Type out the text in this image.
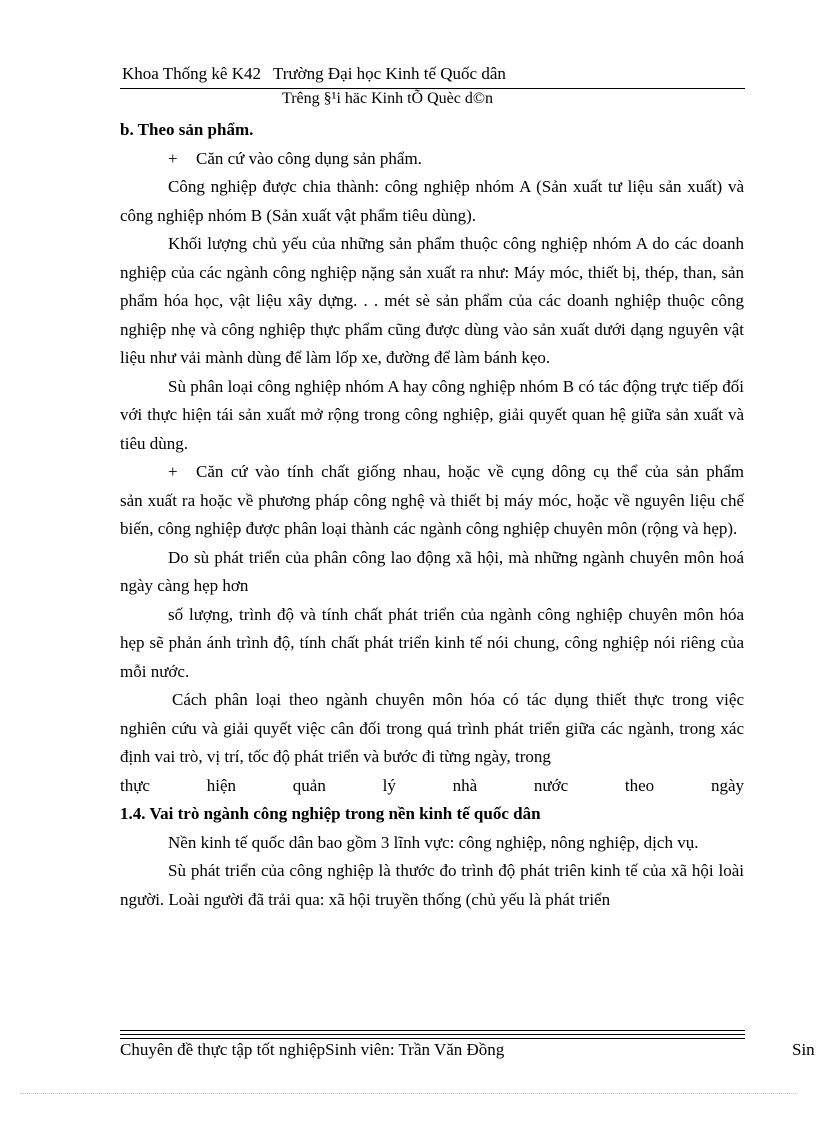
Khoa Thống kê K42 Trường Đại học Kinh tế Quốc dân
Trêng §¹i häc Kinh tÕ Quèc d©n

b. Theo sản phẩm.

+ Căn cứ vào công dụng sản phẩm.

Công nghiệp được chia thành: công nghiệp nhóm A (Sản xuất tư liệu sản xuất) và công nghiệp nhóm B (Sản xuất vật phẩm tiêu dùng).

Khối lượng chủ yếu của những sản phẩm thuộc công nghiệp nhóm A do các doanh nghiệp của các ngành công nghiệp nặng sản xuất ra như: Máy móc, thiết bị, thép, than, sản phẩm hóa học, vật liệu xây dựng. . . mét sè sản phẩm của các doanh nghiệp thuộc công nghiệp nhẹ và công nghiệp thực phẩm cũng được dùng vào sản xuất dưới dạng nguyên vật liệu như vải mành dùng để làm lốp xe, đường để làm bánh kẹo.

Sù phân loại công nghiệp nhóm A hay công nghiệp nhóm B có tác động trực tiếp đối với thực hiện tái sản xuất mở rộng trong công nghiệp, giải quyết quan hệ giữa sản xuất và tiêu dùng.

+ Căn cứ vào tính chất giống nhau, hoặc về cụng dông cụ thể của sản phẩm

sản xuất ra hoặc về phương pháp công nghệ và thiết bị máy móc, hoặc về nguyên liệu chế biến, công nghiệp được phân loại thành các ngành công nghiệp chuyên môn (rộng và hẹp).

Do sù phát triển của phân công lao động xã hội, mà những ngành chuyên môn hoá ngày càng hẹp hơn

số lượng, trình độ và tính chất phát triển của ngành công nghiệp chuyên môn hóa hẹp sẽ phản ánh trình độ, tính chất phát triển kinh tế nói chung, công nghiệp nói riêng của mỗi nước.

Cách phân loại theo ngành chuyên môn hóa có tác dụng thiết thực trong việc nghiên cứu và giải quyết việc cân đối trong quá trình phát triển giữa các ngành, trong xác định vai trò, vị trí, tốc độ phát triển và bước đi từng ngày, trong

thực hiện quản lý nhà nước theo ngày

1.4. Vai trò ngành công nghiệp trong nền kinh tế quốc dân

Nền kinh tế quốc dân bao gồm 3 lĩnh vực: công nghiệp, nông nghiệp, dịch vụ.

Sù phát triển của công nghiệp là thước đo trình độ phát triên kinh tế của xã hội loài người. Loài người đã trải qua: xã hội truyền thống (chủ yếu là phát triển

Chuyên đề thực tập tốt nghiệpSinh viên: Trần Văn Đồng	Sin
